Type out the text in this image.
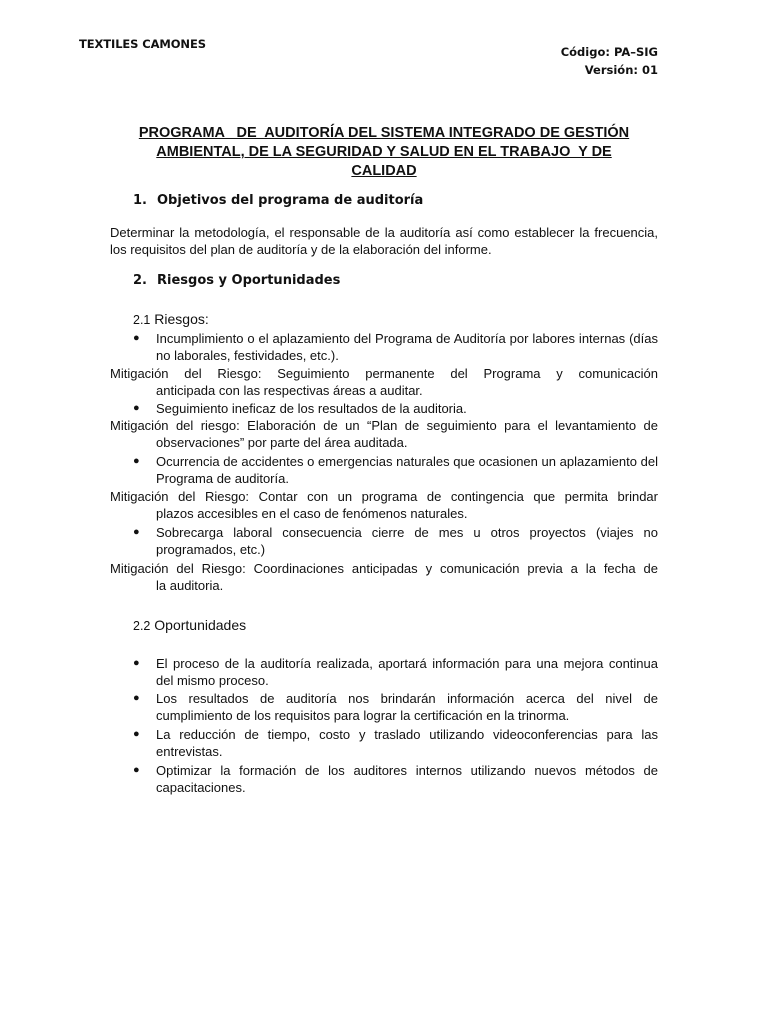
TEXTILES CAMONES
Código: PA–SIG
Versión: 01
PROGRAMA   DE  AUDITORÍA DEL SISTEMA INTEGRADO DE GESTIÓN
AMBIENTAL, DE LA SEGURIDAD Y SALUD EN EL TRABAJO  Y DE
CALIDAD
1. Objetivos del programa de auditoría
Determinar la metodología, el responsable de la auditoría así como establecer la frecuencia, los requisitos del plan de auditoría y de la elaboración del informe.
2. Riesgos y Oportunidades
2.1 Riesgos:
●	Incumplimiento o el aplazamiento del Programa de Auditoría por labores internas (días no laborales, festividades, etc.).
Mitigación del Riesgo: Seguimiento permanente del Programa y comunicación
anticipada con las respectivas áreas a auditar.
●	Seguimiento ineficaz de los resultados de la auditoria.
Mitigación del riesgo: Elaboración de un “Plan de seguimiento para el levantamiento de
observaciones” por parte del área auditada.
●	Ocurrencia de accidentes o emergencias naturales que ocasionen un aplazamiento del Programa de auditoría.
Mitigación del Riesgo: Contar con un programa de contingencia que permita brindar
plazos accesibles en el caso de fenómenos naturales.
●	Sobrecarga laboral consecuencia cierre de mes u otros proyectos (viajes no programados, etc.)
Mitigación del Riesgo: Coordinaciones anticipadas y comunicación previa a la fecha de
la auditoria.
2.2 Oportunidades
●	El proceso de la auditoría realizada, aportará información para una mejora continua del mismo proceso.
●	Los resultados de auditoría nos brindarán información acerca del nivel de cumplimiento de los requisitos para lograr la certificación en la trinorma.
●	La reducción de tiempo, costo y traslado utilizando videoconferencias para las entrevistas.
●	Optimizar la formación de los auditores internos utilizando nuevos métodos de capacitaciones.
